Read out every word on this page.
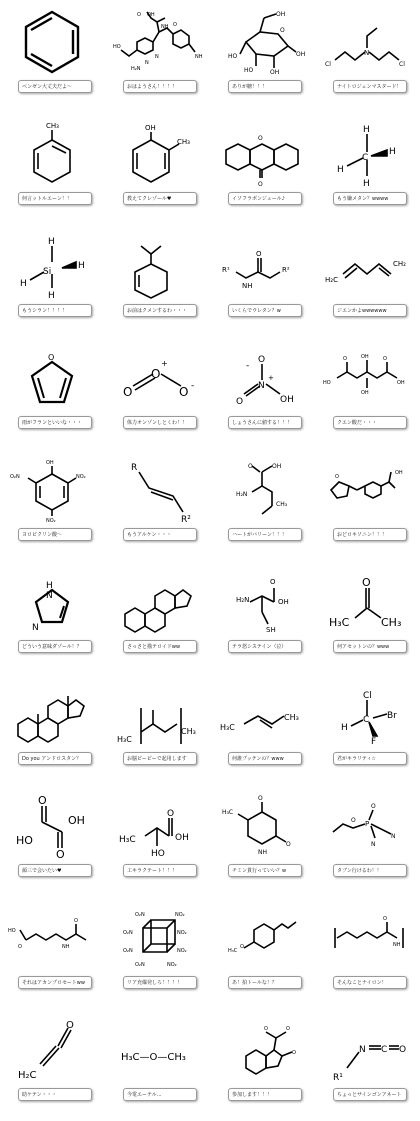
ベンゼン大丈夫だよ～
O OH
HO
NH
NH
H₂N
N
N
O
おはようさん！！！！
OH
O
HO
HO	OH
OH
ありが糖！！！
N
Cl	Cl
ナイトロジェンマスタード！
CH₃
何言ットルエーン！！
OH
CH₃
教えてクレゾール♥
O
O
イソフラボンジュール♪
C
H
H
H
H
もう嫌メタン？wwww
Si
H
H
H
H
もうシラン！！！！	お前はクメンするわ・・・
O
R¹	R²
NH
いくらでウレタン？w
H₂C
CH₂
ジエンかよwwwwww
O
雨がフランといいな・・・
O
O
O
+
-
体力オンゾンしとくわ！！
N
O
O	OH
-
+
しょうさんに値する！！！
HO	OH
OH
OH
O	O
クエン酸だ・・・
OH
O₂N	NO₂
NO₂
ヨロピクリン酸～
R
R²
もうアルケン・・・
H₂N
O	OH
CH₃
ハートがバリーン！！！
O
OH
おどロキソニン！！！
H
N
N
どういう意味ダゾール！？	さっさと描テロイドww
H₂N
O
OH
SH
テラ怒システイン（泣）
O
H₃C	CH₃
何アセットンの？www
Do you アンドロスタン？
H₃C
CH₃
お脳ピーピーで起用します
H₃C
CH₃
何誰ブッテンの？www
C
Cl
H
Br
F
君がキラリティ☆
O
OH
HO
O
顔三で会いたい♥
O
OH
H₃C
HO
工キラクテート！！！
O
O
H₃C
NH
チミン貫行っていい？w
P
O
O
N
N
タブン行けるわ！！
HO
O
O
NH
それはアカンプロセートww
O₂N	NO₂
O₂N	NO₂
O₂N	NO₂
O₂N	NO₂
リア充爆発しろ！！！！
H₃C
O
あ！拍トールな！？
O
NH
そんなことナイロン！
O
H₂C
助ケテン・・・
H₃C—O—CH₃
今電エーテル...
O	O
O
参加します！！！
N C O
R¹
ちょっとサインゴンアネート
